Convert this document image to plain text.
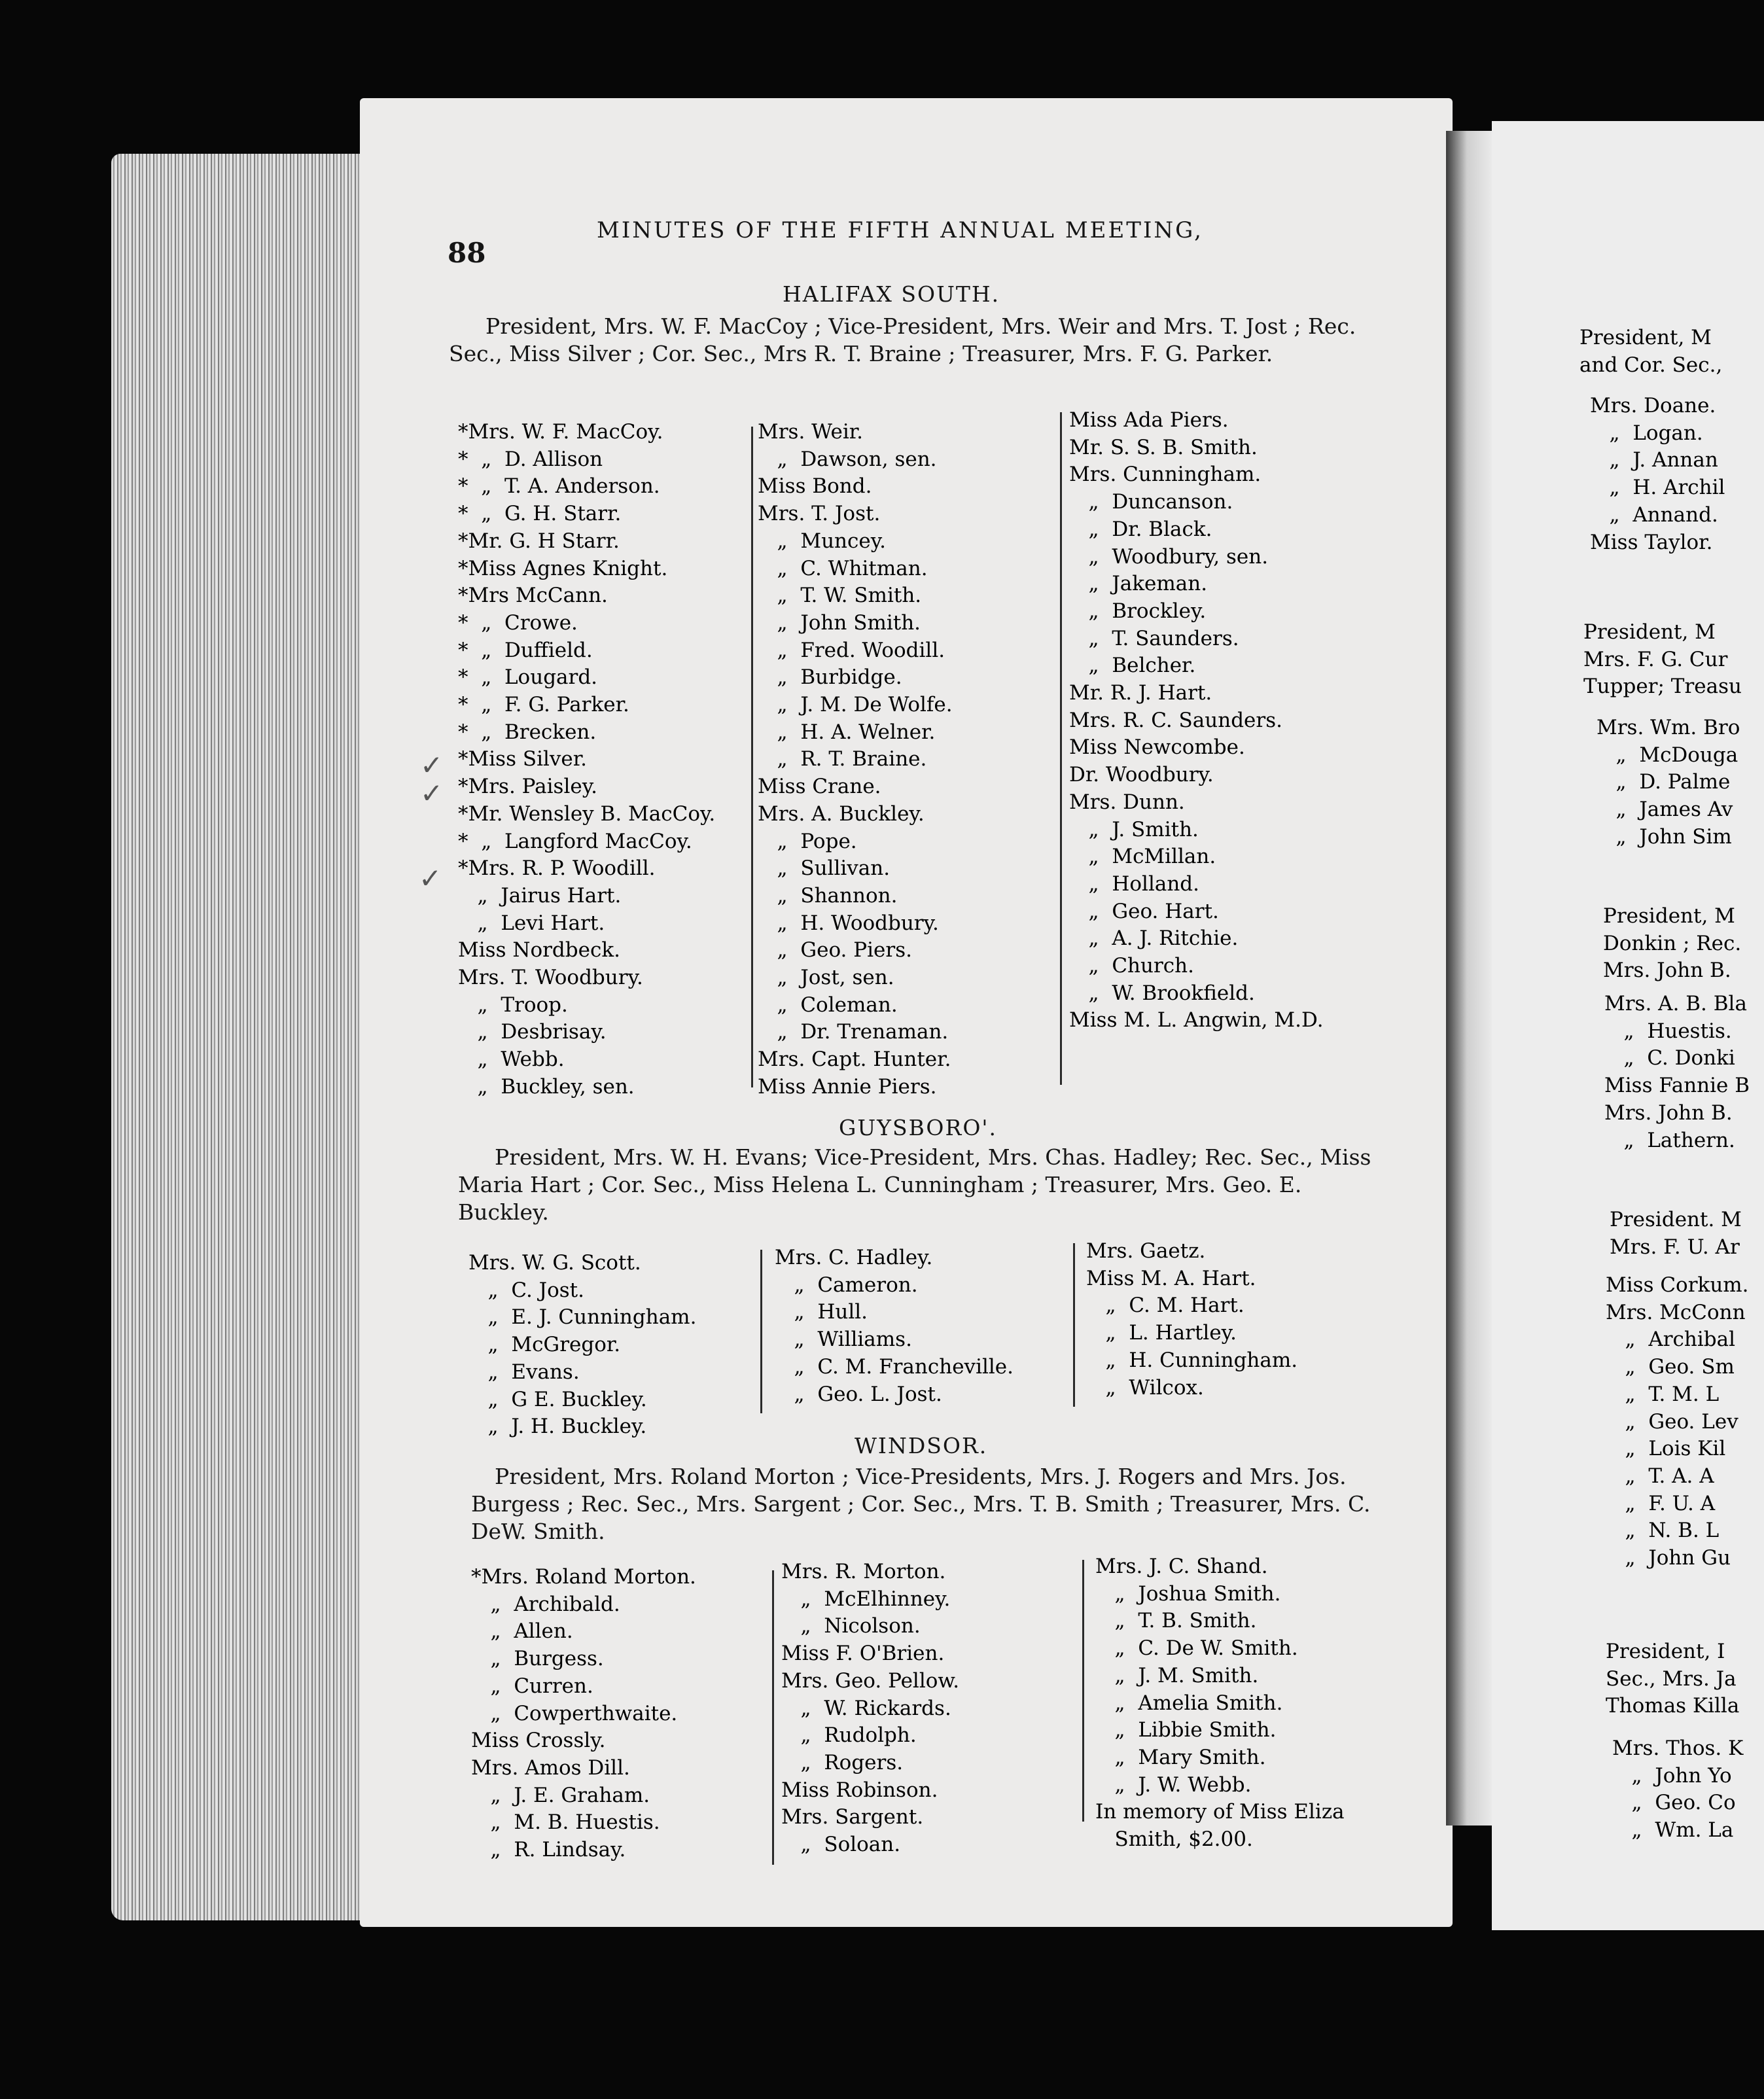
88
MINUTES OF THE FIFTH ANNUAL MEETING,
HALIFAX SOUTH.
President, Mrs. W. F. MacCoy ; Vice-President, Mrs. Weir and Mrs. T. Jost ; Rec. Sec., Miss Silver ; Cor. Sec., Mrs R. T. Braine ; Treasurer, Mrs. F. G. Parker.
*Mrs. W. F. MacCoy.
*  „  D. Allison
*  „  T. A. Anderson.
*  „  G. H. Starr.
*Mr. G. H Starr.
*Miss Agnes Knight.
*Mrs McCann.
*  „  Crowe.
*  „  Duffield.
*  „  Lougard.
*  „  F. G. Parker.
*  „  Brecken.
*Miss Silver.
*Mrs. Paisley.
*Mr. Wensley B. MacCoy.
*  „  Langford MacCoy.
*Mrs. R. P. Woodill.
„  Jairus Hart.
„  Levi Hart.
Miss Nordbeck.
Mrs. T. Woodbury.
„  Troop.
„  Desbrisay.
„  Webb.
„  Buckley, sen.
Mrs. Weir.
„  Dawson, sen.
Miss Bond.
Mrs. T. Jost.
„  Muncey.
„  C. Whitman.
„  T. W. Smith.
„  John Smith.
„  Fred. Woodill.
„  Burbidge.
„  J. M. De Wolfe.
„  H. A. Welner.
„  R. T. Braine.
Miss Crane.
Mrs. A. Buckley.
„  Pope.
„  Sullivan.
„  Shannon.
„  H. Woodbury.
„  Geo. Piers.
„  Jost, sen.
„  Coleman.
„  Dr. Trenaman.
Mrs. Capt. Hunter.
Miss Annie Piers.
Miss Ada Piers.
Mr. S. S. B. Smith.
Mrs. Cunningham.
„  Duncanson.
„  Dr. Black.
„  Woodbury, sen.
„  Jakeman.
„  Brockley.
„  T. Saunders.
„  Belcher.
Mr. R. J. Hart.
Mrs. R. C. Saunders.
Miss Newcombe.
Dr. Woodbury.
Mrs. Dunn.
„  J. Smith.
„  McMillan.
„  Holland.
„  Geo. Hart.
„  A. J. Ritchie.
„  Church.
„  W. Brookfield.
Miss M. L. Angwin, M.D.
✓
✓
✓
GUYSBORO'.
President, Mrs. W. H. Evans; Vice-President, Mrs. Chas. Hadley; Rec. Sec., Miss Maria Hart ; Cor. Sec., Miss Helena L. Cunningham ; Treasurer, Mrs. Geo. E. Buckley.
Mrs. W. G. Scott.
„  C. Jost.
„  E. J. Cunningham.
„  McGregor.
„  Evans.
„  G E. Buckley.
„  J. H. Buckley.
Mrs. C. Hadley.
„  Cameron.
„  Hull.
„  Williams.
„  C. M. Francheville.
„  Geo. L. Jost.
Mrs. Gaetz.
Miss M. A. Hart.
„  C. M. Hart.
„  L. Hartley.
„  H. Cunningham.
„  Wilcox.
WINDSOR.
President, Mrs. Roland Morton ; Vice-Presidents, Mrs. J. Rogers and Mrs. Jos. Burgess ; Rec. Sec., Mrs. Sargent ; Cor. Sec., Mrs. T. B. Smith ; Treasurer, Mrs. C. DeW. Smith.
*Mrs. Roland Morton.
„  Archibald.
„  Allen.
„  Burgess.
„  Curren.
„  Cowperthwaite.
Miss Crossly.
Mrs. Amos Dill.
„  J. E. Graham.
„  M. B. Huestis.
„  R. Lindsay.
Mrs. R. Morton.
„  McElhinney.
„  Nicolson.
Miss F. O'Brien.
Mrs. Geo. Pellow.
„  W. Rickards.
„  Rudolph.
„  Rogers.
Miss Robinson.
Mrs. Sargent.
„  Soloan.
Mrs. J. C. Shand.
„  Joshua Smith.
„  T. B. Smith.
„  C. De W. Smith.
„  J. M. Smith.
„  Amelia Smith.
„  Libbie Smith.
„  Mary Smith.
„  J. W. Webb.
In memory of Miss Eliza
Smith, $2.00.
President, M
and Cor. Sec.,
Mrs. Doane.
„  Logan.
„  J. Annan
„  H. Archil
„  Annand.
Miss Taylor.
President, M
Mrs. F. G. Cur
Tupper; Treasu
Mrs. Wm. Bro
„  McDouga
„  D. Palme
„  James Av
„  John Sim
President, M
Donkin ; Rec.
Mrs. John B.
Mrs. A. B. Bla
„  Huestis.
„  C. Donki
Miss Fannie B
Mrs. John B.
„  Lathern.
President. M
Mrs. F. U. Ar
Miss Corkum.
Mrs. McConn
„  Archibal
„  Geo. Sm
„  T. M. L
„  Geo. Lev
„  Lois Kil
„  T. A. A
„  F. U. A
„  N. B. L
„  John Gu
President, I
Sec., Mrs. Ja
Thomas Killa
Mrs. Thos. K
„  John Yo
„  Geo. Co
„  Wm. La
